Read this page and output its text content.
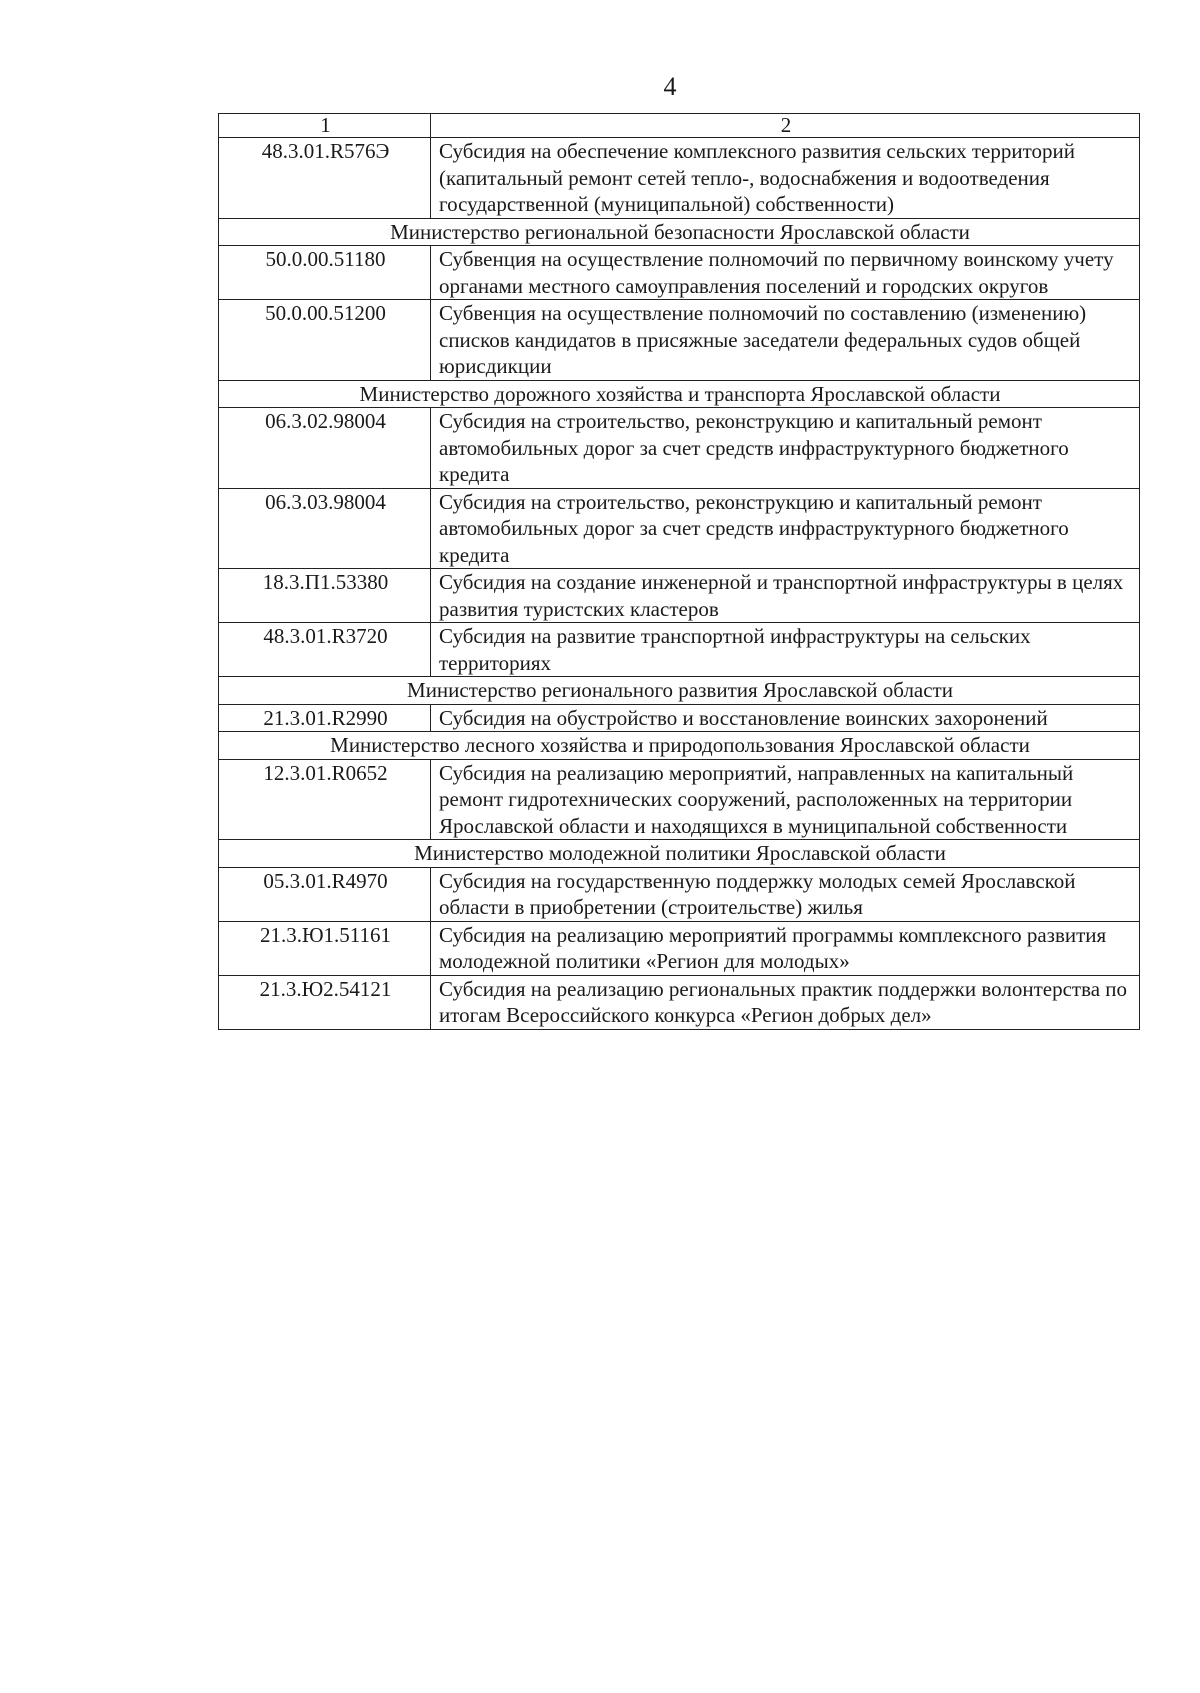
4
1	2
48.3.01.R576Э	Субсидия на обеспечение комплексного развития сельских территорий (капитальный ремонт сетей тепло-, водоснабжения и водоотведения государственной (муниципальной) собственности)
Министерство региональной безопасности Ярославской области	
50.0.00.51180	Субвенция на осуществление полномочий по первичному воинскому учету органами местного самоуправления поселений и городских округов
50.0.00.51200	Субвенция на осуществление полномочий по составлению (изменению) списков кандидатов в присяжные заседатели федеральных судов общей юрисдикции
Министерство дорожного хозяйства и транспорта Ярославской области	
06.3.02.98004	Субсидия на строительство, реконструкцию и капитальный ремонт автомобильных дорог за счет средств инфраструктурного бюджетного кредита
06.3.03.98004	Субсидия на строительство, реконструкцию и капитальный ремонт автомобильных дорог за счет средств инфраструктурного бюджетного кредита
18.3.П1.53380	Субсидия на создание инженерной и транспортной инфраструктуры в целях развития туристских кластеров
48.3.01.R3720	Субсидия на развитие транспортной инфраструктуры на сельских территориях
Министерство регионального развития Ярославской области	
21.3.01.R2990	Субсидия на обустройство и восстановление воинских захоронений
Министерство лесного хозяйства и природопользования Ярославской области	
12.3.01.R0652	Субсидия на реализацию мероприятий, направленных на капитальный ремонт гидротехнических сооружений, расположенных на территории Ярославской области и находящихся в муниципальной собственности
Министерство молодежной политики Ярославской области	
05.3.01.R4970	Субсидия на государственную поддержку молодых семей Ярославской области в приобретении (строительстве) жилья
21.3.Ю1.51161	Субсидия на реализацию мероприятий программы комплексного развития молодежной политики «Регион для молодых»
21.3.Ю2.54121	Субсидия на реализацию региональных практик поддержки волонтерства по итогам Всероссийского конкурса «Регион добрых дел»
